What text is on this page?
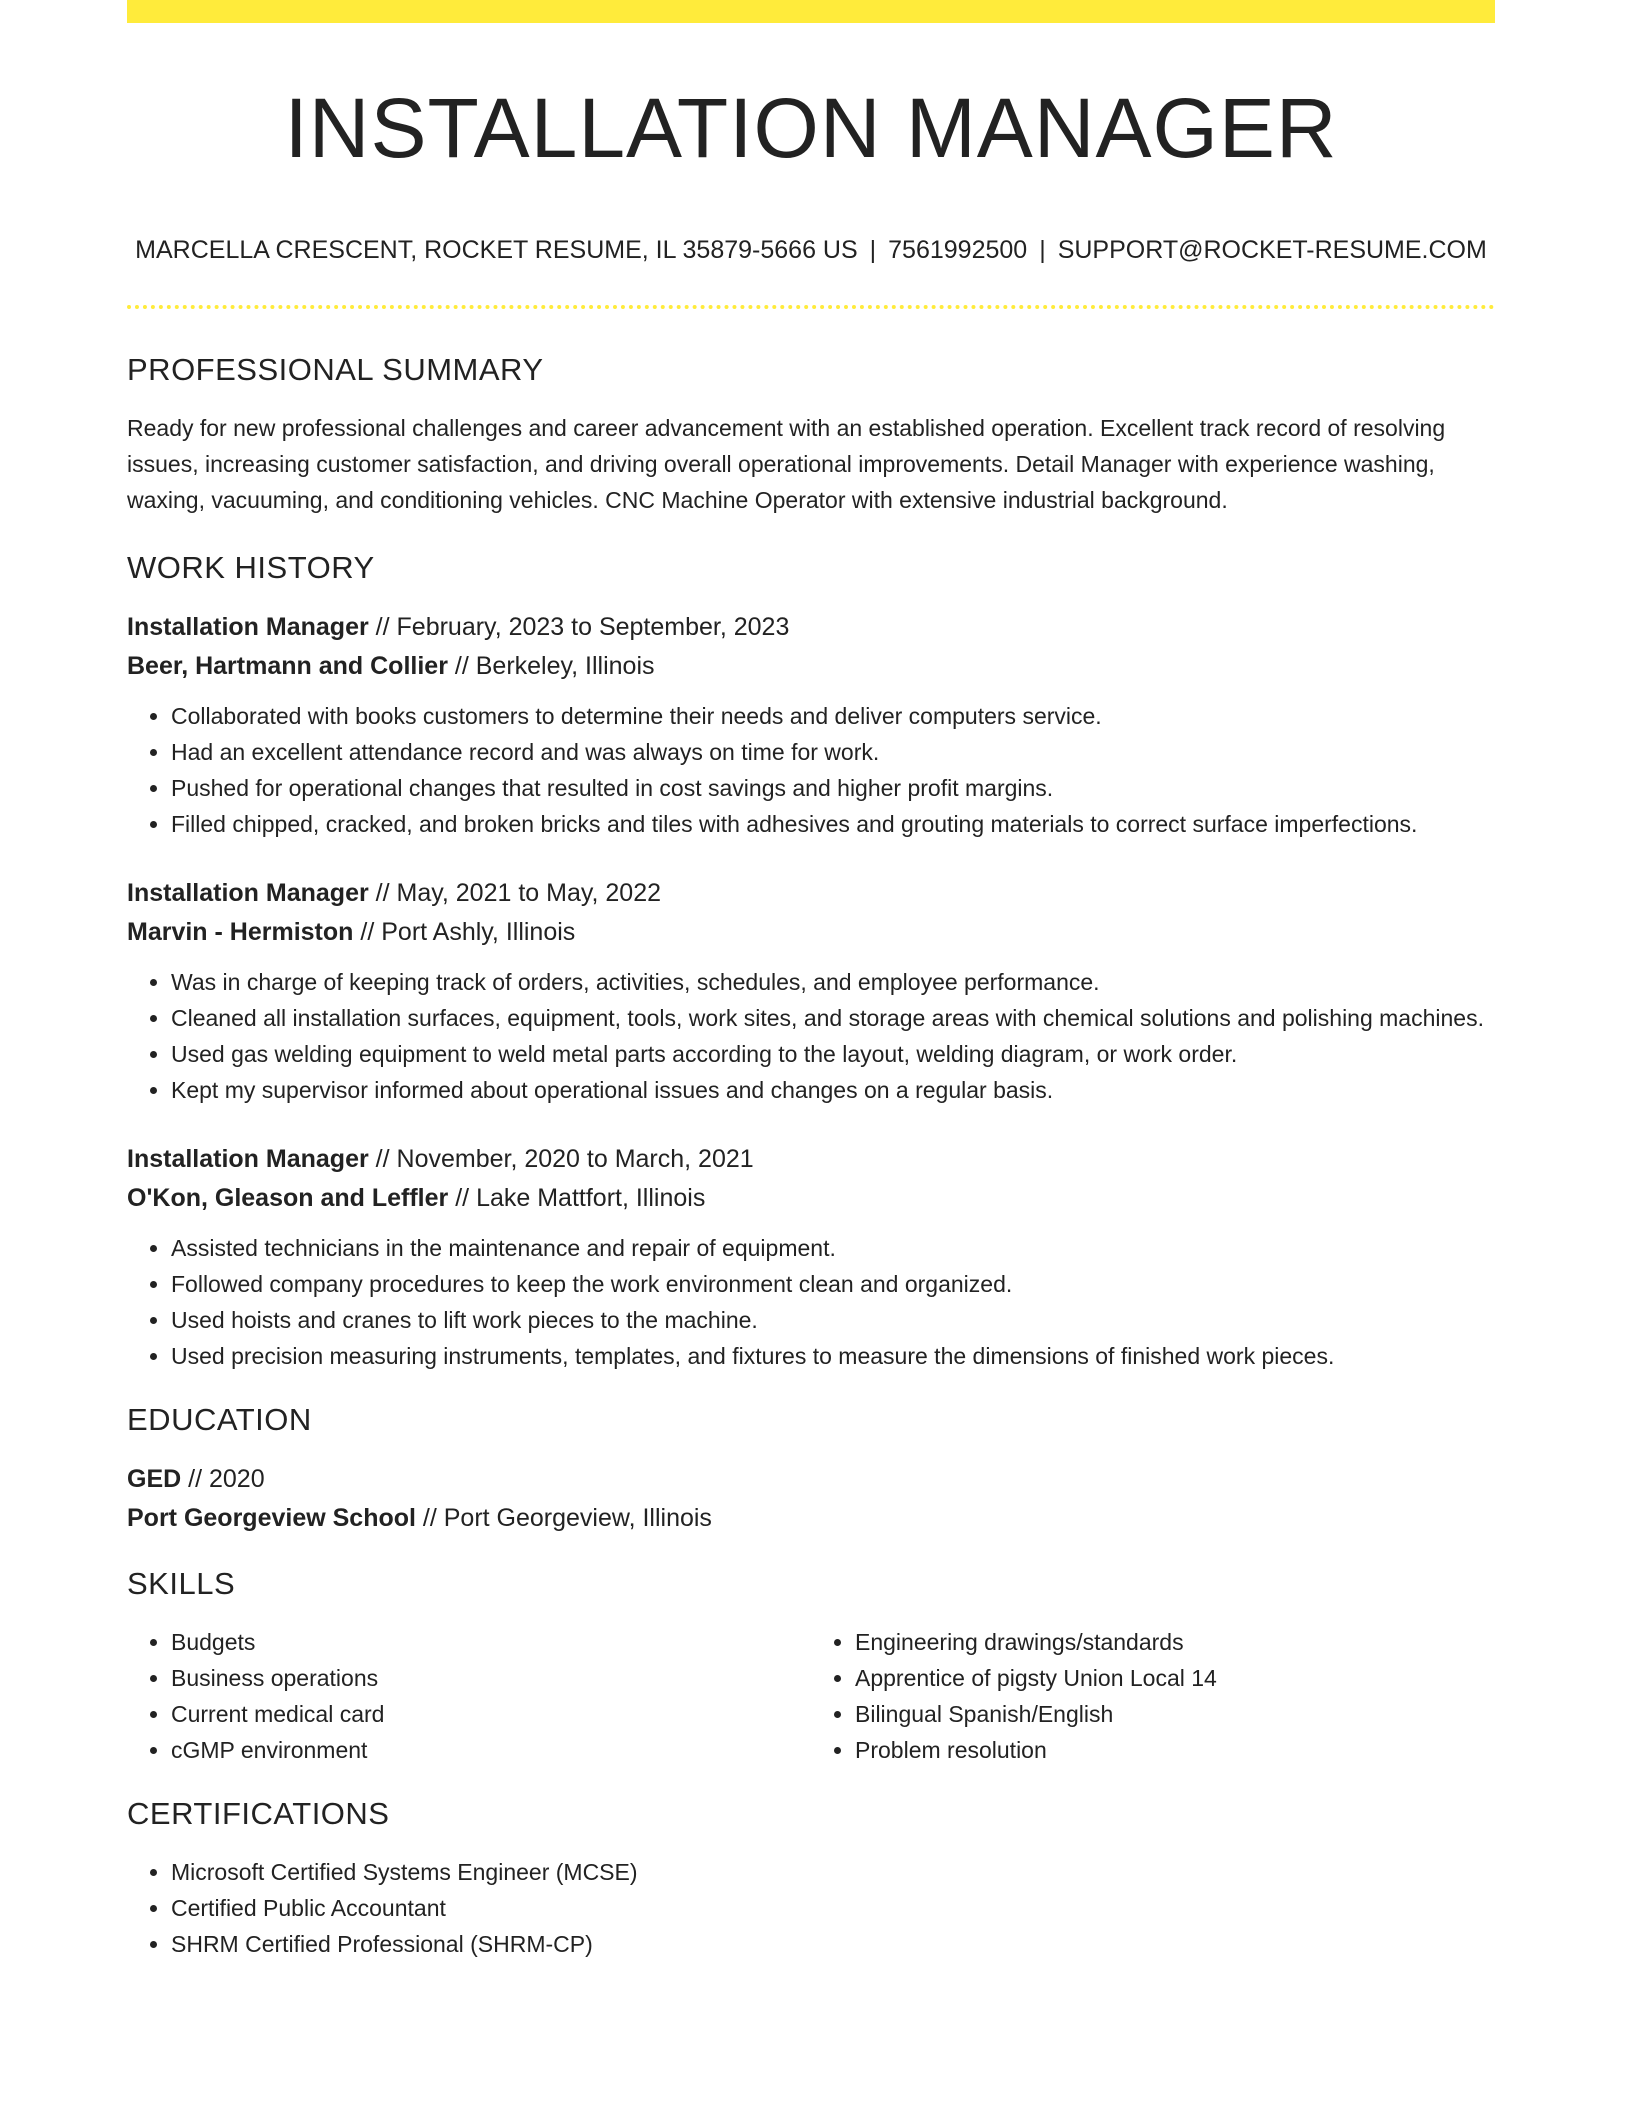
INSTALLATION MANAGER
MARCELLA CRESCENT, ROCKET RESUME, IL 35879-5666 US | 7561992500 | SUPPORT@ROCKET-RESUME.COM
PROFESSIONAL SUMMARY

Ready for new professional challenges and career advancement with an established operation. Excellent track record of resolving issues, increasing customer satisfaction, and driving overall operational improvements. Detail Manager with experience washing, waxing, vacuuming, and conditioning vehicles. CNC Machine Operator with extensive industrial background.

WORK HISTORY
Installation Manager // February, 2023 to September, 2023
Beer, Hartmann and Collier // Berkeley, Illinois
• Collaborated with books customers to determine their needs and deliver computers service.
• Had an excellent attendance record and was always on time for work.
• Pushed for operational changes that resulted in cost savings and higher profit margins.
• Filled chipped, cracked, and broken bricks and tiles with adhesives and grouting materials to correct surface imperfections.
Installation Manager // May, 2021 to May, 2022
Marvin - Hermiston // Port Ashly, Illinois
• Was in charge of keeping track of orders, activities, schedules, and employee performance.
• Cleaned all installation surfaces, equipment, tools, work sites, and storage areas with chemical solutions and polishing machines.
• Used gas welding equipment to weld metal parts according to the layout, welding diagram, or work order.
• Kept my supervisor informed about operational issues and changes on a regular basis.
Installation Manager // November, 2020 to March, 2021
O'Kon, Gleason and Leffler // Lake Mattfort, Illinois
• Assisted technicians in the maintenance and repair of equipment.
• Followed company procedures to keep the work environment clean and organized.
• Used hoists and cranes to lift work pieces to the machine.
• Used precision measuring instruments, templates, and fixtures to measure the dimensions of finished work pieces.
EDUCATION
GED // 2020
Port Georgeview School // Port Georgeview, Illinois
SKILLS
• Budgets
• Business operations
• Current medical card
• cGMP environment
• Engineering drawings/standards
• Apprentice of pigsty Union Local 14
• Bilingual Spanish/English
• Problem resolution
CERTIFICATIONS
• Microsoft Certified Systems Engineer (MCSE)
• Certified Public Accountant
• SHRM Certified Professional (SHRM-CP)
